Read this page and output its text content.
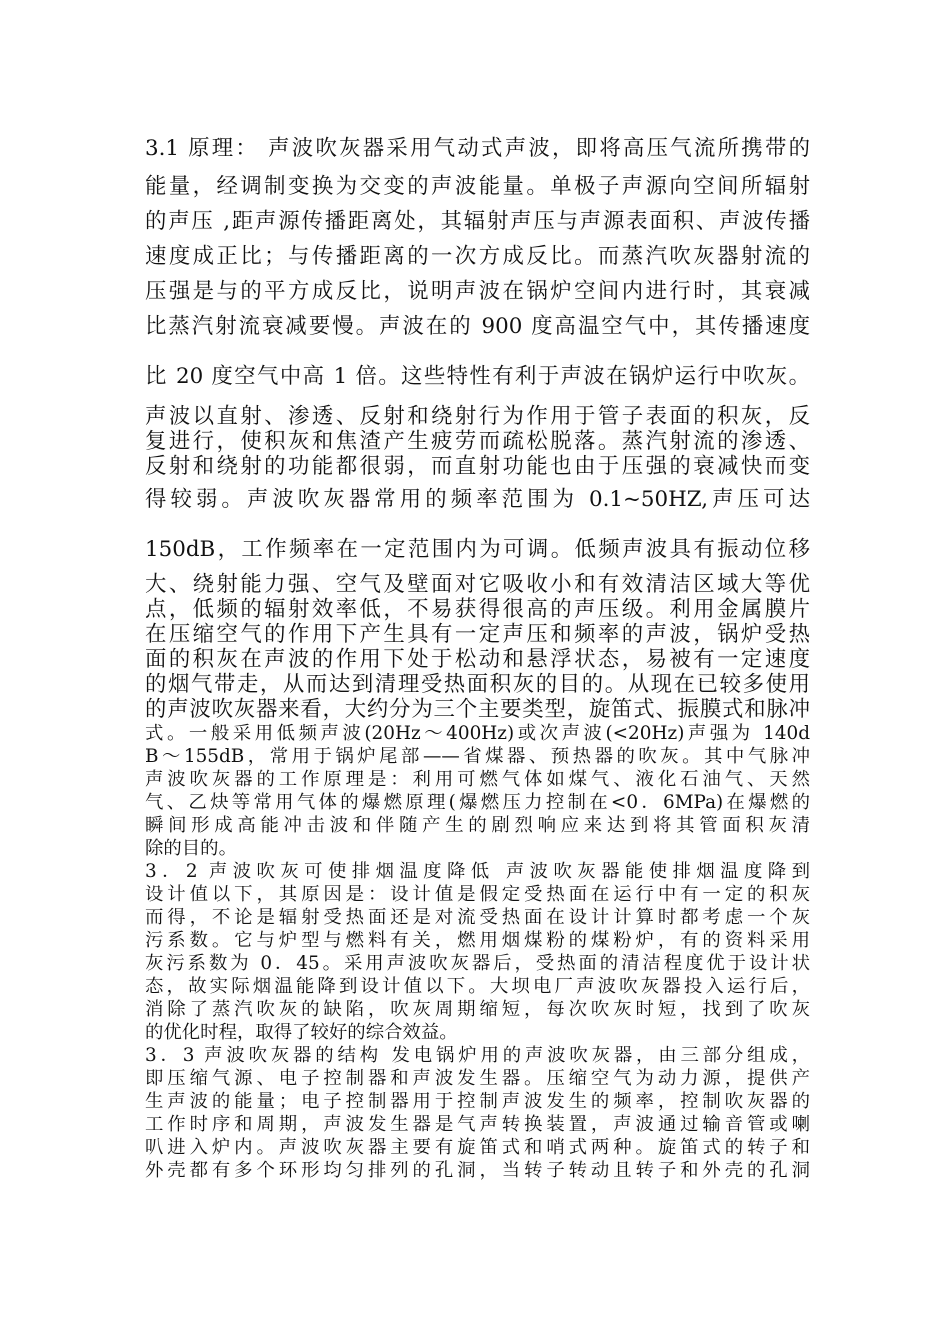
3.1 原理： 声波吹灰器采用气动式声波，即将高压气流所携带的
能量，经调制变换为交变的声波能量。单极子声源向空间所辐射
的声压 ,距声源传播距离处，其辐射声压与声源表面积、声波传播
速度成正比；与传播距离的一次方成反比。而蒸汽吹灰器射流的
压强是与的平方成反比，说明声波在锅炉空间内进行时，其衰减
比蒸汽射流衰减要慢。声波在的 900 度高温空气中，其传播速度
比 20 度空气中高 1 倍。这些特性有利于声波在锅炉运行中吹灰。
声波以直射、渗透、反射和绕射行为作用于管子表面的积灰，反
复进行，使积灰和焦渣产生疲劳而疏松脱落。蒸汽射流的渗透、
反射和绕射的功能都很弱，而直射功能也由于压强的衰减快而变
得较弱。声波吹灰器常用的频率范围为 0.1~50HZ,声压可达
150dB，工作频率在一定范围内为可调。低频声波具有振动位移
大、绕射能力强、空气及壁面对它吸收小和有效清洁区域大等优
点，低频的辐射效率低，不易获得很高的声压级。利用金属膜片
在压缩空气的作用下产生具有一定声压和频率的声波，锅炉受热
面的积灰在声波的作用下处于松动和悬浮状态，易被有一定速度
的烟气带走，从而达到清理受热面积灰的目的。从现在已较多使用
的声波吹灰器来看，大约分为三个主要类型，旋笛式、振膜式和脉冲
式。一般采用低频声波(20Hz～400Hz)或次声波(<20Hz)声强为 140d
B～155dB，常用于锅炉尾部——省煤器、预热器的吹灰。其中气脉冲
声波吹灰器的工作原理是：利用可燃气体如煤气、液化石油气、天然
气、乙炔等常用气体的爆燃原理(爆燃压力控制在<0．6MPa)在爆燃的
瞬间形成高能冲击波和伴随产生的剧烈响应来达到将其管面积灰清
除的目的。
3．2 声波吹灰可使排烟温度降低 声波吹灰器能使排烟温度降到
设计值以下，其原因是：设计值是假定受热面在运行中有一定的积灰
而得，不论是辐射受热面还是对流受热面在设计计算时都考虑一个灰
污系数。它与炉型与燃料有关，燃用烟煤粉的煤粉炉，有的资料采用
灰污系数为 0．45。采用声波吹灰器后，受热面的清洁程度优于设计状
态，故实际烟温能降到设计值以下。大坝电厂声波吹灰器投入运行后，
消除了蒸汽吹灰的缺陷，吹灰周期缩短，每次吹灰时短，找到了吹灰
的优化时程，取得了较好的综合效益。
3．3 声波吹灰器的结构 发电锅炉用的声波吹灰器，由三部分组成，
即压缩气源、电子控制器和声波发生器。压缩空气为动力源，提供产
生声波的能量；电子控制器用于控制声波发生的频率，控制吹灰器的
工作时序和周期，声波发生器是气声转换装置，声波通过输音管或喇
叭进入炉内。声波吹灰器主要有旋笛式和哨式两种。旋笛式的转子和
外壳都有多个环形均匀排列的孔洞，当转子转动且转子和外壳的孔洞
